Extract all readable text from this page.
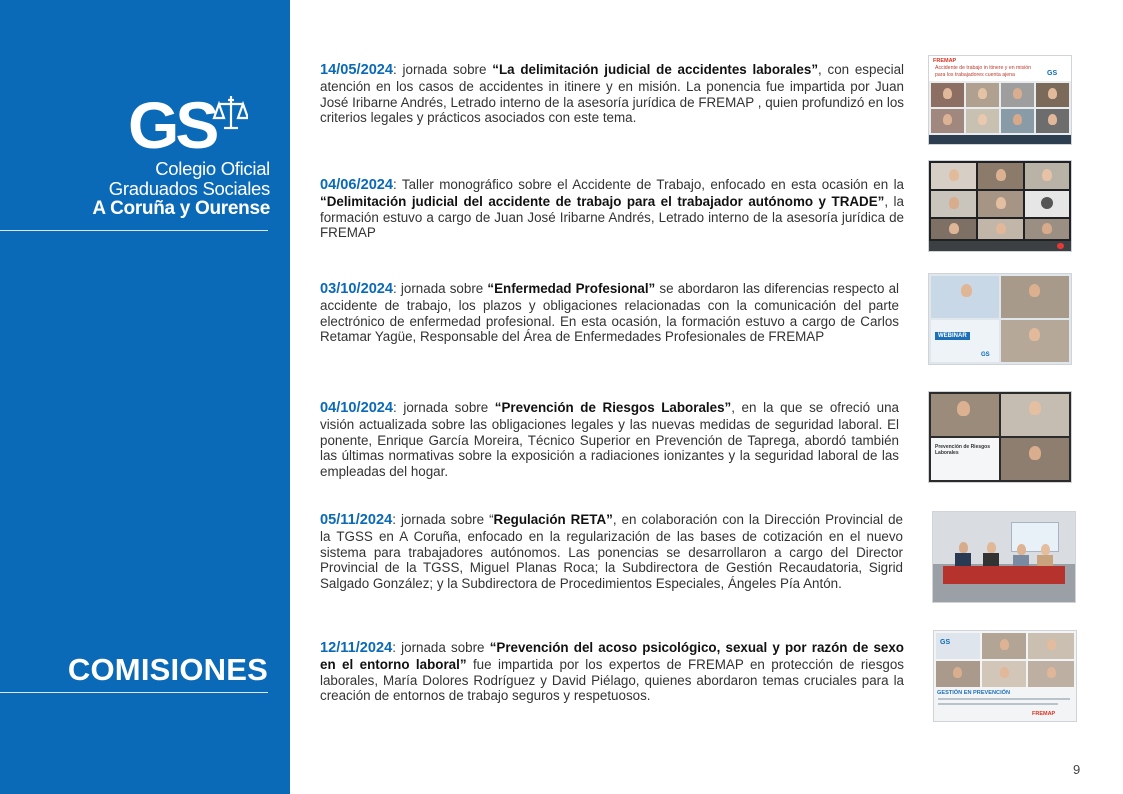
GS
Colegio Oficial
Graduados Sociales
A Coruña y Ourense
COMISIONES
14/05/2024: jornada sobre “La delimitación judicial de accidentes laborales”, con especial atención en los casos de accidentes in itinere y en misión. La ponencia fue impartida por Juan José Iribarne Andrés, Letrado interno de la asesoría jurídica de FREMAP , quien profundizó en los criterios legales y prácticos asociados con este tema.
04/06/2024: Taller monográfico sobre el Accidente de Trabajo, enfocado en esta ocasión en la “Delimitación judicial del accidente de trabajo para el trabajador autónomo y TRADE”, la formación estuvo a cargo de Juan José Iribarne Andrés, Letrado interno de la asesoría jurídica de FREMAP
03/10/2024: jornada sobre “Enfermedad Profesional” se abordaron las diferencias respecto al accidente de trabajo, los plazos y obligaciones relacionadas con la comunicación del parte electrónico de enfermedad profesional. En esta ocasión, la formación estuvo a cargo de Carlos Retamar Yagüe, Responsable del Área de Enfermedades Profesionales de FREMAP
04/10/2024: jornada sobre “Prevención de Riesgos Laborales”, en la que se ofreció una visión actualizada sobre las obligaciones legales y las nuevas medidas de seguridad laboral. El ponente, Enrique García Moreira, Técnico Superior en Prevención de Taprega, abordó también las últimas normativas sobre la exposición a radiaciones ionizantes y la seguridad laboral de las empleadas del hogar.
05/11/2024: jornada sobre “Regulación RETA”, en colaboración con la Dirección Provincial de la TGSS en A Coruña, enfocado en la regularización de las bases de cotización en el nuevo sistema para trabajadores autónomos. Las ponencias se desarrollaron a cargo del Director Provincial de la TGSS, Miguel Planas Roca; la Subdirectora de Gestión Recaudatoria, Sigrid Salgado González; y la Subdirectora de Procedimientos Especiales, Ángeles Pía Antón.
12/11/2024: jornada sobre “Prevención del acoso psicológico, sexual y por razón de sexo en el entorno laboral” fue impartida por los expertos de FREMAP en protección de riesgos laborales, María Dolores Rodríguez y David Piélago, quienes abordaron temas cruciales para la creación de entornos de trabajo seguros y respetuosos.
FREMAP
Accidente de trabajo in itinere y en misión
para los trabajadores cuenta ajena	GS
WEBINAR
GS
Prevención de Riesgos Laborales
GS
GESTIÓN EN PREVENCIÓN
FREMAP
9
